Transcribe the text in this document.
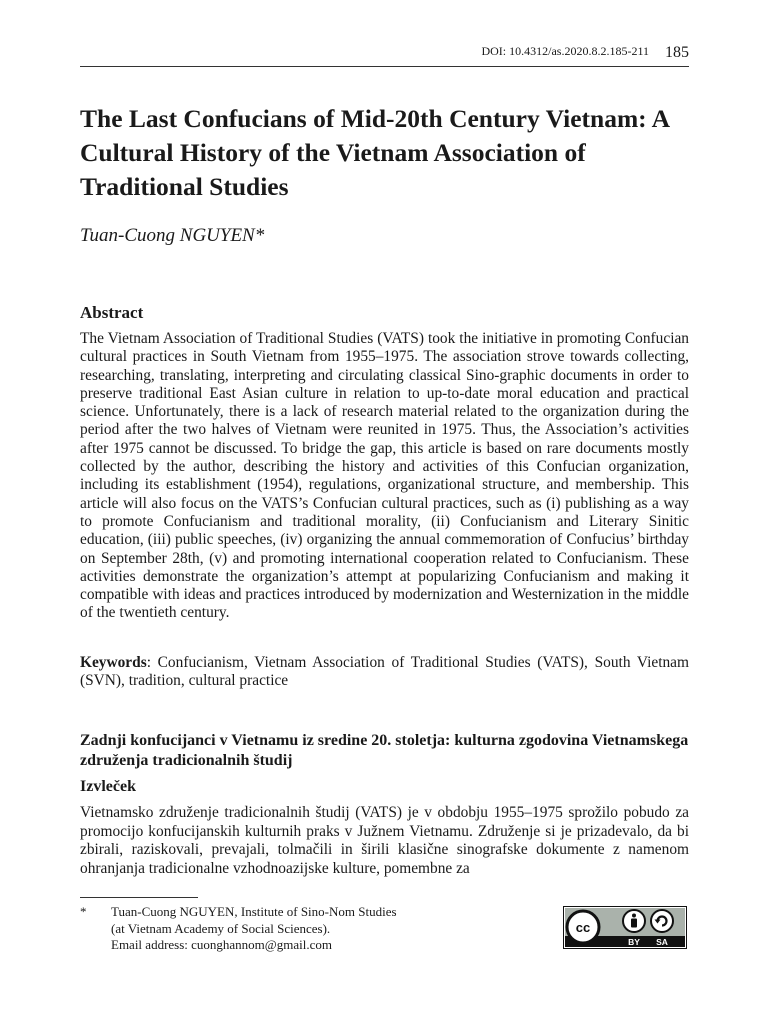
DOI: 10.4312/as.2020.8.2.185-211 185
The Last Confucians of Mid-20th Century Vietnam: A Cultural History of the Vietnam Association of Traditional Studies

Tuan-Cuong NGUYEN*

Abstract

The Vietnam Association of Traditional Studies (VATS) took the initiative in promoting Confucian cultural practices in South Vietnam from 1955–1975. The association strove towards collecting, researching, translating, interpreting and circulating classical Sino-graphic documents in order to preserve traditional East Asian culture in relation to up-to-date moral education and practical science. Unfortunately, there is a lack of research material related to the organization during the period after the two halves of Vietnam were reunited in 1975. Thus, the Association’s activities after 1975 cannot be discussed. To bridge the gap, this article is based on rare documents mostly collected by the author, describing the history and activities of this Confucian organization, including its establishment (1954), regulations, organizational structure, and membership. This article will also focus on the VATS’s Confucian cultural practices, such as (i) publishing as a way to promote Confucianism and traditional morality, (ii) Confucianism and Literary Sinitic education, (iii) public speeches, (iv) organizing the annual commemoration of Confucius’ birthday on September 28th, (v) and promoting international cooperation related to Confucianism. These activities demonstrate the organization’s attempt at popularizing Confucianism and making it compatible with ideas and practices introduced by modernization and Westernization in the middle of the twentieth century.

Keywords: Confucianism, Vietnam Association of Traditional Studies (VATS), South Vietnam (SVN), tradition, cultural practice

Zadnji konfucijanci v Vietnamu iz sredine 20. stoletja: kulturna zgodovina Vietnamskega združenja tradicionalnih študij
Izvleček

Vietnamsko združenje tradicionalnih študij (VATS) je v obdobju 1955–1975 sprožilo pobudo za promocijo konfucijanskih kulturnih praks v Južnem Vietnamu. Združenje si je prizadevalo, da bi zbirali, raziskovali, prevajali, tolmačili in širili klasične sinografske dokumente z namenom ohranjanja tradicionalne vzhodnoazijske kulture, pomembne za

* Tuan-Cuong NGUYEN, Institute of Sino-Nom Studies
(at Vietnam Academy of Social Sciences).
Email address: cuonghannom@gmail.com
cc
BY SA
